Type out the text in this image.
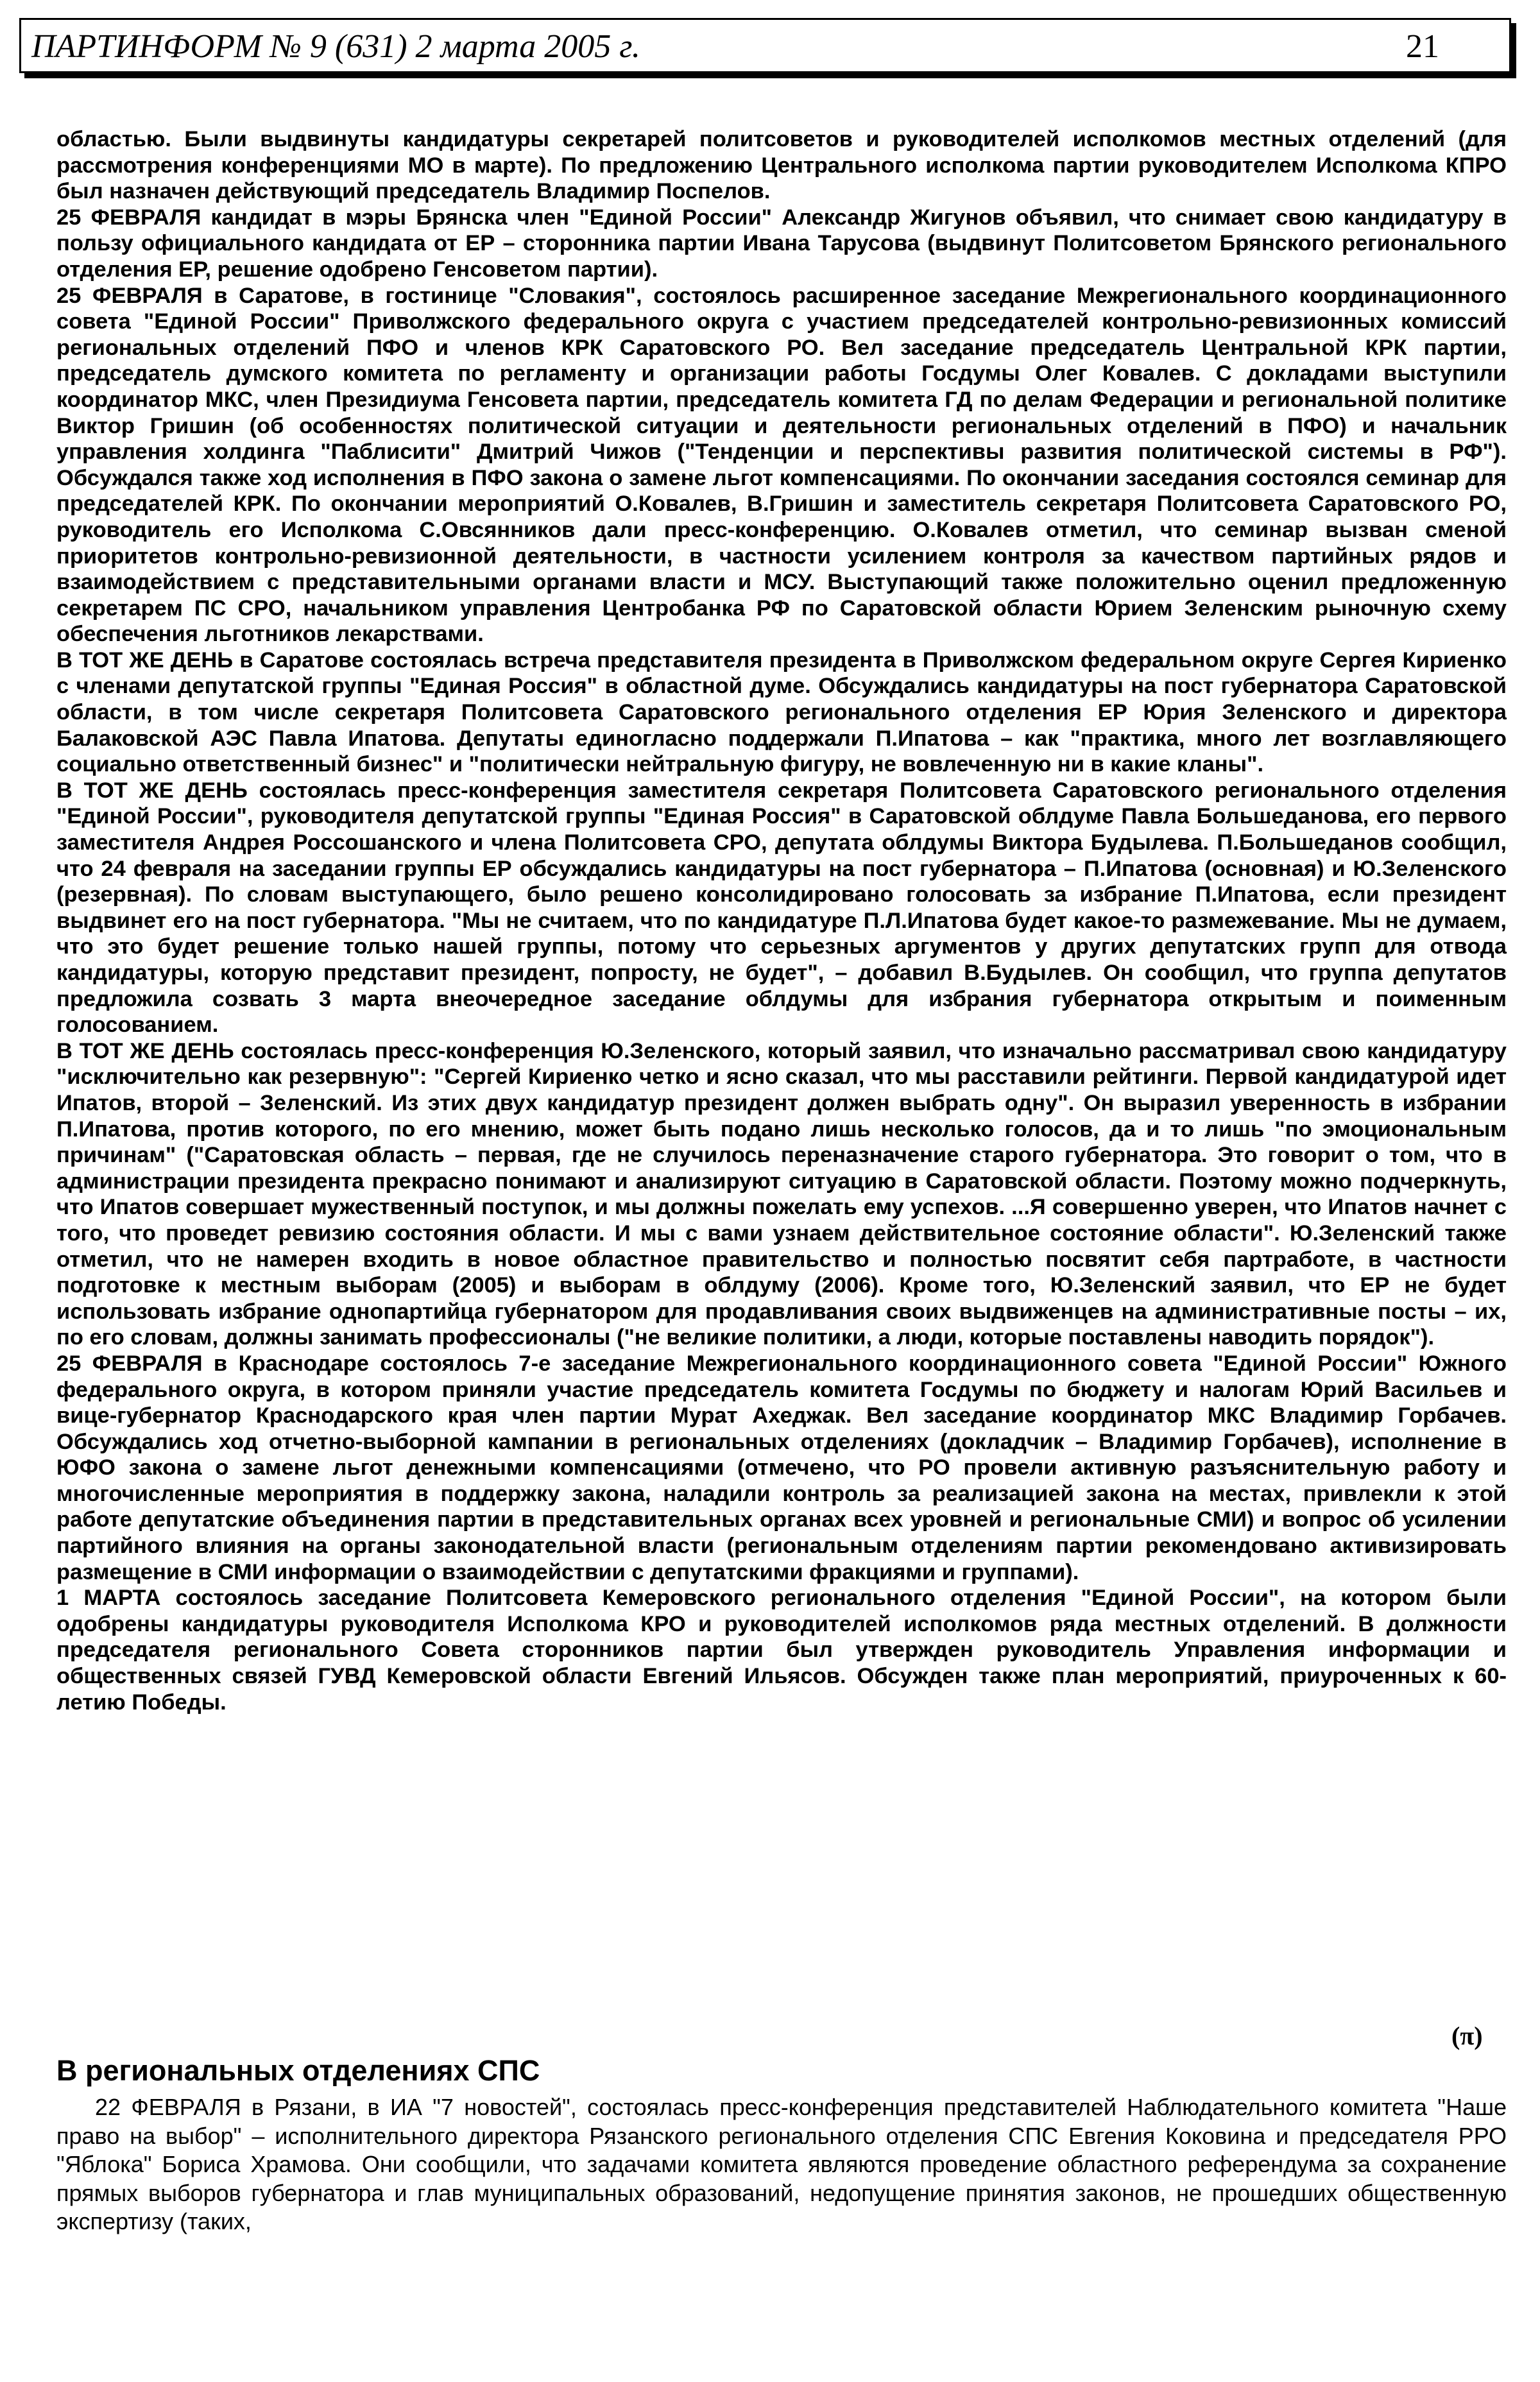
ПАРТИНФОРМ № 9 (631) 2 марта 2005 г.	21

областью. Были выдвинуты кандидатуры секретарей политсоветов и руководителей исполкомов местных отделений (для рассмотрения конференциями МО в марте). По предложению Центрального исполкома партии руководителем Исполкома КПРО был назначен действующий председатель Владимир Поспелов.

25 ФЕВРАЛЯ кандидат в мэры Брянска член "Единой России" Александр Жигунов объявил, что снимает свою кандидатуру в пользу официального кандидата от ЕР – сторонника партии Ивана Тарусова (выдвинут Политсоветом Брянского регионального отделения ЕР, решение одобрено Генсоветом партии).

25 ФЕВРАЛЯ в Саратове, в гостинице "Словакия", состоялось расширенное заседание Межрегионального координационного совета "Единой России" Приволжского федерального округа с участием председателей контрольно-ревизионных комиссий региональных отделений ПФО и членов КРК Саратовского РО. Вел заседание председатель Центральной КРК партии, председатель думского комитета по регламенту и организации работы Госдумы Олег Ковалев. С докладами выступили координатор МКС, член Президиума Генсовета партии, председатель комитета ГД по делам Федерации и региональной политике Виктор Гришин (об особенностях политической ситуации и деятельности региональных отделений в ПФО) и начальник управления холдинга "Паблисити" Дмитрий Чижов ("Тенденции и перспективы развития политической системы в РФ"). Обсуждался также ход исполнения в ПФО закона о замене льгот компенсациями. По окончании заседания состоялся семинар для председателей КРК. По окончании мероприятий О.Ковалев, В.Гришин и заместитель секретаря Политсовета Саратовского РО, руководитель его Исполкома С.Овсянников дали пресс-конференцию. О.Ковалев отметил, что семинар вызван сменой приоритетов контрольно-ревизионной деятельности, в частности усилением контроля за качеством партийных рядов и взаимодействием с представительными органами власти и МСУ. Выступающий также положительно оценил предложенную секретарем ПС СРО, начальником управления Центробанка РФ по Саратовской области Юрием Зеленским рыночную схему обеспечения льготников лекарствами.

В ТОТ ЖЕ ДЕНЬ в Саратове состоялась встреча представителя президента в Приволжском федеральном округе Сергея Кириенко с членами депутатской группы "Единая Россия" в областной думе. Обсуждались кандидатуры на пост губернатора Саратовской области, в том числе секретаря Политсовета Саратовского регионального отделения ЕР Юрия Зеленского и директора Балаковской АЭС Павла Ипатова. Депутаты единогласно поддержали П.Ипатова – как "практика, много лет возглавляющего социально ответственный бизнес" и "политически нейтральную фигуру, не вовлеченную ни в какие кланы".

В ТОТ ЖЕ ДЕНЬ состоялась пресс-конференция заместителя секретаря Политсовета Саратовского регионального отделения "Единой России", руководителя депутатской группы "Единая Россия" в Саратовской облдуме Павла Большеданова, его первого заместителя Андрея Россошанского и члена Политсовета СРО, депутата облдумы Виктора Будылева. П.Большеданов сообщил, что 24 февраля на заседании группы ЕР обсуждались кандидатуры на пост губернатора – П.Ипатова (основная) и Ю.Зеленского (резервная). По словам выступающего, было решено консолидировано голосовать за избрание П.Ипатова, если президент выдвинет его на пост губернатора. "Мы не считаем, что по кандидатуре П.Л.Ипатова будет какое-то размежевание. Мы не думаем, что это будет решение только нашей группы, потому что серьезных аргументов у других депутатских групп для отвода кандидатуры, которую представит президент, попросту, не будет", – добавил В.Будылев. Он сообщил, что группа депутатов предложила созвать 3 марта внеочередное заседание облдумы для избрания губернатора открытым и поименным голосованием.

В ТОТ ЖЕ ДЕНЬ состоялась пресс-конференция Ю.Зеленского, который заявил, что изначально рассматривал свою кандидатуру "исключительно как резервную": "Сергей Кириенко четко и ясно сказал, что мы расставили рейтинги. Первой кандидатурой идет Ипатов, второй – Зеленский. Из этих двух кандидатур президент должен выбрать одну". Он выразил уверенность в избрании П.Ипатова, против которого, по его мнению, может быть подано лишь несколько голосов, да и то лишь "по эмоциональным причинам" ("Саратовская область – первая, где не случилось переназначение старого губернатора. Это говорит о том, что в администрации президента прекрасно понимают и анализируют ситуацию в Саратовской области. Поэтому можно подчеркнуть, что Ипатов совершает мужественный поступок, и мы должны пожелать ему успехов. ...Я совершенно уверен, что Ипатов начнет с того, что проведет ревизию состояния области. И мы с вами узнаем действительное состояние области". Ю.Зеленский также отметил, что не намерен входить в новое областное правительство и полностью посвятит себя партработе, в частности подготовке к местным выборам (2005) и выборам в облдуму (2006). Кроме того, Ю.Зеленский заявил, что ЕР не будет использовать избрание однопартийца губернатором для продавливания своих выдвиженцев на административные посты – их, по его словам, должны занимать профессионалы ("не великие политики, а люди, которые поставлены наводить порядок").

25 ФЕВРАЛЯ в Краснодаре состоялось 7-е заседание Межрегионального координационного совета "Единой России" Южного федерального округа, в котором приняли участие председатель комитета Госдумы по бюджету и налогам Юрий Васильев и вице-губернатор Краснодарского края член партии Мурат Ахеджак. Вел заседание координатор МКС Владимир Горбачев. Обсуждались ход отчетно-выборной кампании в региональных отделениях (докладчик – Владимир Горбачев), исполнение в ЮФО закона о замене льгот денежными компенсациями (отмечено, что РО провели активную разъяснительную работу и многочисленные мероприятия в поддержку закона, наладили контроль за реализацией закона на местах, привлекли к этой работе депутатские объединения партии в представительных органах всех уровней и региональные СМИ) и вопрос об усилении партийного влияния на органы законодательной власти (региональным отделениям партии рекомендовано активизировать размещение в СМИ информации о взаимодействии с депутатскими фракциями и группами).

1 МАРТА состоялось заседание Политсовета Кемеровского регионального отделения "Единой России", на котором были одобрены кандидатуры руководителя Исполкома КРО и руководителей исполкомов ряда местных отделений. В должности председателя регионального Совета сторонников партии был утвержден руководитель Управления информации и общественных связей ГУВД Кемеровской области Евгений Ильясов. Обсужден также план мероприятий, приуроченных к 60-летию Победы.

(π)
В региональных отделениях СПС

22 ФЕВРАЛЯ в Рязани, в ИА "7 новостей", состоялась пресс-конференция представителей Наблюдательного комитета "Наше право на выбор" – исполнительного директора Рязанского регионального отделения СПС Евгения Коковина и председателя РРО "Яблока" Бориса Храмова. Они сообщили, что задачами комитета являются проведение областного референдума за сохранение прямых выборов губернатора и глав муниципальных образований, недопущение принятия законов, не прошедших общественную экспертизу (таких,
